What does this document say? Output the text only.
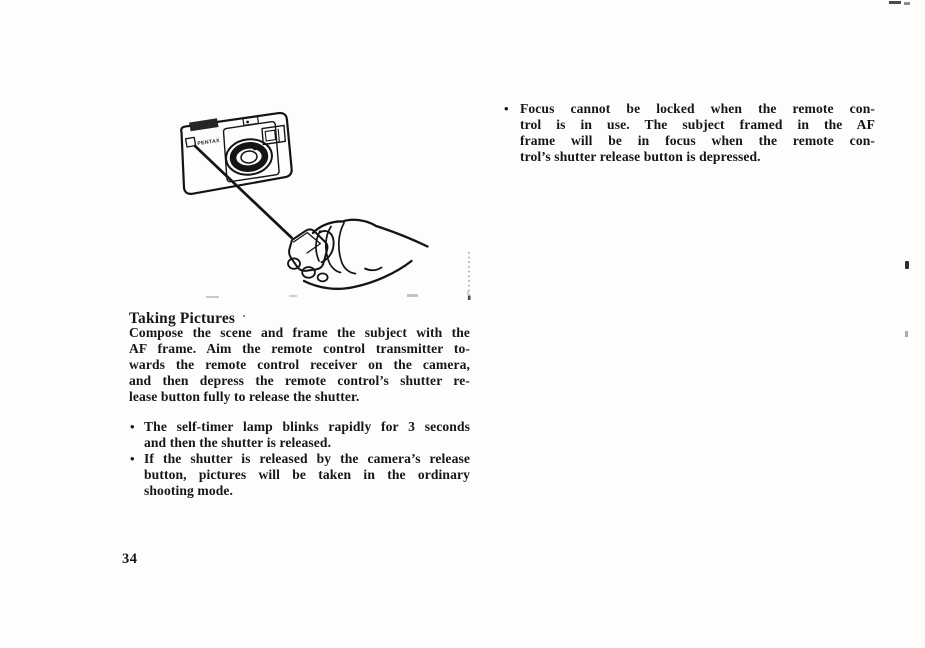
PENTAX
Taking Pictures ·
Compose the scene and frame the subject with the
AF frame. Aim the remote control transmitter to-
wards the remote control receiver on the camera,
and then depress the remote control’s shutter re-
lease button fully to release the shutter.
• The self-timer lamp blinks rapidly for 3 seconds
and then the shutter is released.
• If the shutter is released by the camera’s release
button, pictures will be taken in the ordinary
shooting mode.
• Focus cannot be locked when the remote con-
trol is in use. The subject framed in the AF
frame will be in focus when the remote con-
trol’s shutter release button is depressed.
34
